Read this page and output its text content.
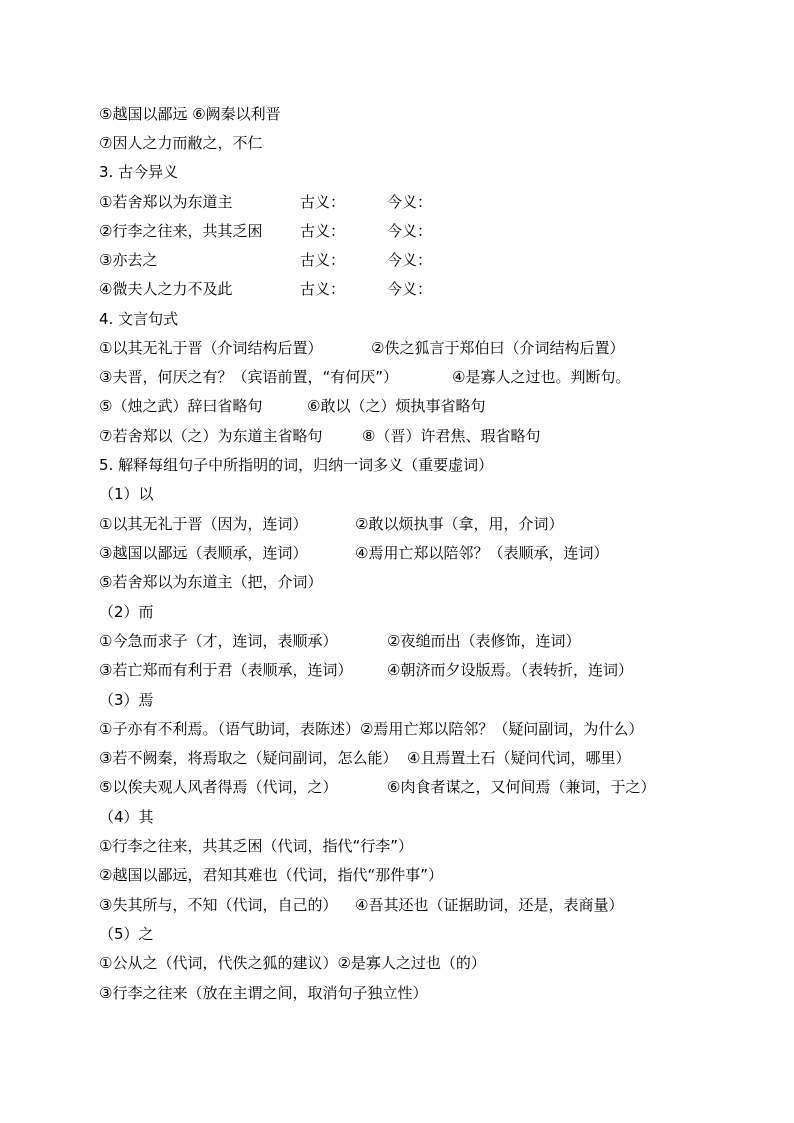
⑤越国以鄙远 ⑥阙秦以利晋
⑦因人之力而敝之，不仁
3. 古今异义
①若舍郑以为东道主	古义：	今义：
②行李之往来，共其乏困	古义：	今义：
③亦去之	古义：	今义：
④微夫人之力不及此	古义：	今义：
4. 文言句式
①以其无礼于晋（介词结构后置）	②佚之狐言于郑伯曰（介词结构后置）
③夫晋，何厌之有？（宾语前置，“有何厌”）	④是寡人之过也。判断句。
⑤（烛之武）辞曰省略句	⑥敢以（之）烦执事省略句
⑦若舍郑以（之）为东道主省略句	⑧（晋）许君焦、瑕省略句
5. 解释每组句子中所指明的词，归纳一词多义（重要虚词）
（1）以
①以其无礼于晋（因为，连词）	②敢以烦执事（拿，用，介词）
③越国以鄙远（表顺承，连词）	④焉用亡郑以陪邻？（表顺承，连词）
⑤若舍郑以为东道主（把，介词）
（2）而
①今急而求子（才，连词，表顺承）	②夜缒而出（表修饰，连词）
③若亡郑而有利于君（表顺承，连词） ④朝济而夕设版焉。（表转折，连词）
（3）焉
①子亦有不利焉。（语气助词，表陈述）②焉用亡郑以陪邻？（疑问副词，为什么）
③若不阙秦，将焉取之（疑问副词，怎么能） ④且焉置土石（疑问代词，哪里）
⑤以俟夫观人风者得焉（代词，之）	⑥肉食者谋之，又何间焉（兼词，于之）
（4）其
①行李之往来，共其乏困（代词，指代“行李”）
②越国以鄙远，君知其难也（代词，指代“那件事”）
③失其所与，不知（代词，自己的） ④吾其还也（证据助词，还是，表商量）
（5）之
①公从之（代词，代佚之狐的建议）②是寡人之过也（的）
③行李之往来（放在主谓之间，取消句子独立性）
